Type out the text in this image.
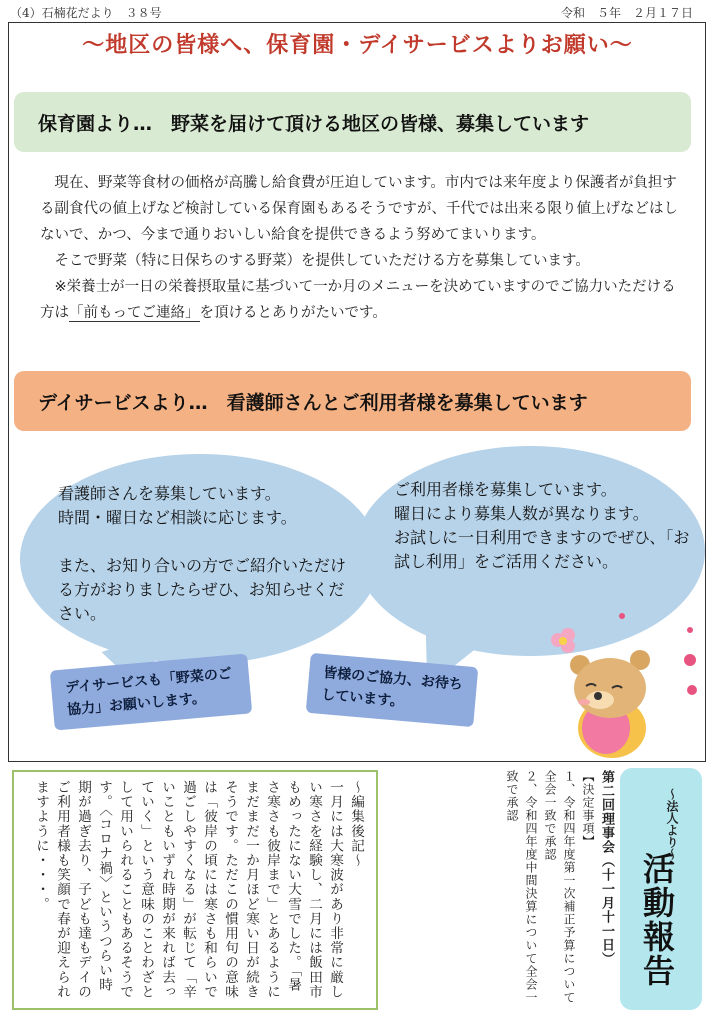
（4）石楠花だより　３８号	令和　５年　２月１７日
〜地区の皆様へ、保育園・デイサービスよりお願い〜
保育園より…　野菜を届けて頂ける地区の皆様、募集しています

現在、野菜等食材の価格が高騰し給食費が圧迫しています。市内では来年度より保護者が負担する副食代の値上げなど検討している保育園もあるそうですが、千代では出来る限り値上げなどはしないで、かつ、今まで通りおいしい給食を提供できるよう努めてまいります。

そこで野菜（特に日保ちのする野菜）を提供していただける方を募集しています。

※栄養士が一日の栄養摂取量に基づいて一か月のメニューを決めていますのでご協力いただける方は「前もってご連絡」を頂けるとありがたいです。

デイサービスより…　看護師さんとご利用者様を募集しています
看護師さんを募集しています。
時間・曜日など相談に応じます。
また、お知り合いの方でご紹介いただける方がおりましたらぜひ、お知らせください。
ご利用者様を募集しています。
曜日により募集人数が異なります。
お試しに一日利用できますのでぜひ、「お試し利用」をご活用ください。
デイサービスも「野菜のご協力」お願いします。
皆様のご協力、お待ちしています。
〜編集後記〜
一月には大寒波があり非常に厳しい寒さを経験し、二月には飯田市もめったにない大雪でした。「暑さ寒さも彼岸まで」とあるようにまだまだ一か月ほど寒い日が続きそうです。ただこの慣用句の意味は「彼岸の頃には寒さも和らいで過ごしやすくなる」が転じて「辛いこともいずれ時期が来れば去っていく」という意味のことわざとして用いられることもあるそうです。〈コロナ禍〉というつらい時期が過ぎ去り、子ども達もデイのご利用者様も笑顔で春が迎えられますように・・・。	第二回理事会（十一月十一日）
【決定事項】
１、令和四年度第一次補正予算について全会一致で承認
２、令和四年度中間決算について全会一致で承認	〜法人より〜
活動報告
